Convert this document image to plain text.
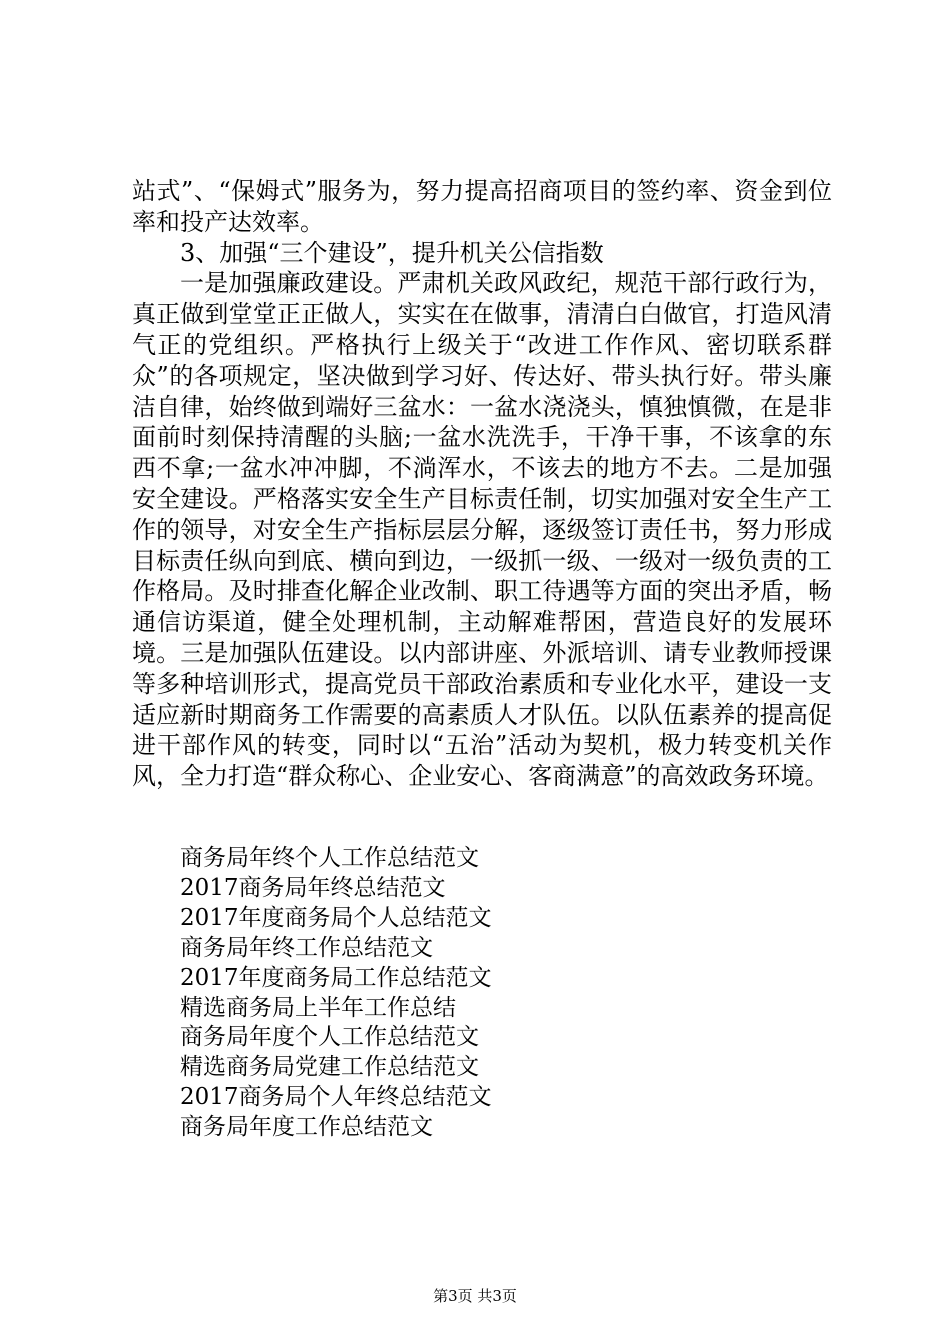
站式”、“保姆式”服务为，努力提高招商项目的签约率、资金到位率和投产达效率。

3、加强“三个建设”，提升机关公信指数

一是加强廉政建设。严肃机关政风政纪，规范干部行政行为，真正做到堂堂正正做人，实实在在做事，清清白白做官，打造风清气正的党组织。严格执行上级关于“改进工作作风、密切联系群众”的各项规定，坚决做到学习好、传达好、带头执行好。带头廉洁自律，始终做到端好三盆水：一盆水浇浇头，慎独慎微，在是非面前时刻保持清醒的头脑;一盆水洗洗手，干净干事，不该拿的东西不拿;一盆水冲冲脚，不淌浑水，不该去的地方不去。二是加强安全建设。严格落实安全生产目标责任制，切实加强对安全生产工作的领导，对安全生产指标层层分解，逐级签订责任书，努力形成目标责任纵向到底、横向到边，一级抓一级、一级对一级负责的工作格局。及时排查化解企业改制、职工待遇等方面的突出矛盾，畅通信访渠道，健全处理机制，主动解难帮困，营造良好的发展环境。三是加强队伍建设。以内部讲座、外派培训、请专业教师授课等多种培训形式，提高党员干部政治素质和专业化水平，建设一支适应新时期商务工作需要的高素质人才队伍。以队伍素养的提高促进干部作风的转变，同时以“五治”活动为契机，极力转变机关作风，全力打造“群众称心、企业安心、客商满意”的高效政务环境。

商务局年终个人工作总结范文
2017商务局年终总结范文
2017年度商务局个人总结范文
商务局年终工作总结范文
2017年度商务局工作总结范文
精选商务局上半年工作总结
商务局年度个人工作总结范文
精选商务局党建工作总结范文
2017商务局个人年终总结范文
商务局年度工作总结范文
第3页 共3页
